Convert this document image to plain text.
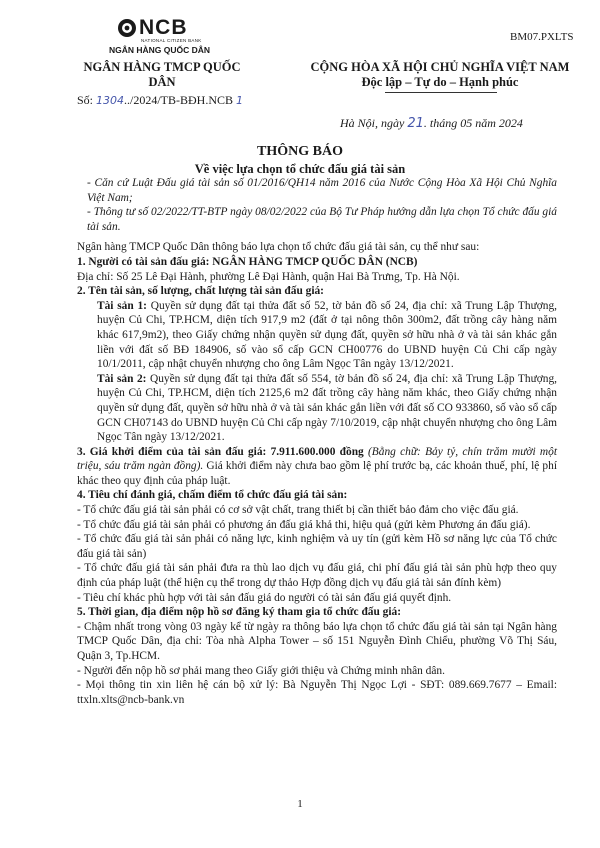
NCB
NATIONAL CITIZEN BANK
NGÂN HÀNG QUỐC DÂN
BM07.PXLTS
NGÂN HÀNG TMCP QUỐC DÂN
CỘNG HÒA XÃ HỘI CHỦ NGHĨA VIỆT NAM
Độc lập – Tự do – Hạnh phúc
Số: 1304../2024/TB-BĐH.NCB 1
Hà Nội, ngày 21. tháng 05 năm 2024
THÔNG BÁO
Về việc lựa chọn tổ chức đấu giá tài sản

- Căn cứ Luật Đấu giá tài sản số 01/2016/QH14 năm 2016 của Nước Cộng Hòa Xã Hội Chủ Nghĩa Việt Nam;

- Thông tư số 02/2022/TT-BTP ngày 08/02/2022 của Bộ Tư Pháp hướng dẫn lựa chọn Tổ chức đấu giá tài sản.

Ngân hàng TMCP Quốc Dân thông báo lựa chọn tổ chức đấu giá tài sản, cụ thể như sau:

1. Người có tài sản đấu giá: NGÂN HÀNG TMCP QUỐC DÂN (NCB)

Địa chỉ: Số 25 Lê Đại Hành, phường Lê Đại Hành, quận Hai Bà Trưng, Tp. Hà Nội.

2. Tên tài sản, số lượng, chất lượng tài sản đấu giá:

Tài sản 1: Quyền sử dụng đất tại thửa đất số 52, tờ bản đồ số 24, địa chỉ: xã Trung Lập Thượng, huyện Củ Chi, TP.HCM, diện tích 917,9 m2 (đất ở tại nông thôn 300m2, đất trồng cây hàng năm khác 617,9m2), theo Giấy chứng nhận quyền sử dụng đất, quyền sở hữu nhà ở và tài sản khác gắn liền với đất số BĐ 184906, số vào sổ cấp GCN CH00776 do UBND huyện Củ Chi cấp ngày 10/1/2011, cập nhật chuyển nhượng cho ông Lâm Ngọc Tân ngày 13/12/2021.

Tài sản 2: Quyền sử dụng đất tại thửa đất số 554, tờ bản đồ số 24, địa chỉ: xã Trung Lập Thượng, huyện Củ Chi, TP.HCM, diện tích 2125,6 m2 đất trồng cây hàng năm khác, theo Giấy chứng nhận quyền sử dụng đất, quyền sở hữu nhà ở và tài sản khác gắn liền với đất số CO 933860, số vào sổ cấp GCN CH07143 do UBND huyện Củ Chi cấp ngày 7/10/2019, cập nhật chuyển nhượng cho ông Lâm Ngọc Tân ngày 13/12/2021.

3. Giá khởi điểm của tài sản đấu giá: 7.911.600.000 đồng (Bằng chữ: Bảy tỷ, chín trăm mười một triệu, sáu trăm ngàn đồng). Giá khởi điểm này chưa bao gồm lệ phí trước bạ, các khoản thuế, phí, lệ phí khác theo quy định của pháp luật.

4. Tiêu chí đánh giá, chấm điểm tổ chức đấu giá tài sản:

- Tổ chức đấu giá tài sản phải có cơ sở vật chất, trang thiết bị cần thiết bảo đảm cho việc đấu giá.

- Tổ chức đấu giá tài sản phải có phương án đấu giá khả thi, hiệu quả (gửi kèm Phương án đấu giá).

- Tổ chức đấu giá tài sản phải có năng lực, kinh nghiệm và uy tín (gửi kèm Hồ sơ năng lực của Tổ chức đấu giá tài sản)

- Tổ chức đấu giá tài sản phải đưa ra thù lao dịch vụ đấu giá, chi phí đấu giá tài sản phù hợp theo quy định của pháp luật (thể hiện cụ thể trong dự thảo Hợp đồng dịch vụ đấu giá tài sản đính kèm)

- Tiêu chí khác phù hợp với tài sản đấu giá do người có tài sản đấu giá quyết định.

5. Thời gian, địa điểm nộp hồ sơ đăng ký tham gia tổ chức đấu giá:

- Chậm nhất trong vòng 03 ngày kể từ ngày ra thông báo lựa chọn tổ chức đấu giá tài sản tại Ngân hàng TMCP Quốc Dân, địa chỉ: Tòa nhà Alpha Tower – số 151 Nguyễn Đình Chiểu, phường Võ Thị Sáu, Quận 3, Tp.HCM.

- Người đến nộp hồ sơ phải mang theo Giấy giới thiệu và Chứng minh nhân dân.

- Mọi thông tin xin liên hệ cán bộ xử lý: Bà Nguyễn Thị Ngọc Lợi - SĐT: 089.669.7677 – Email: ttxln.xlts@ncb-bank.vn

1
